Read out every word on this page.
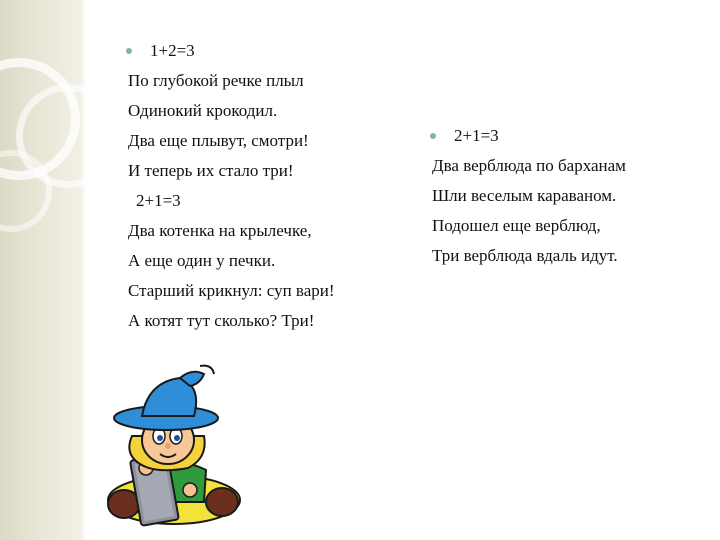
1+2=3
По глубокой речке плыл
Одинокий крокодил.
Два еще плывут, смотри!
И теперь их стало три!
2+1=3
Два котенка на крылечке,
А еще один у печки.
Старший крикнул: суп вари!
А котят тут сколько? Три!
2+1=3
Два верблюда по барханам
Шли веселым караваном.
Подошел еще верблюд,
Три верблюда вдаль идут.
